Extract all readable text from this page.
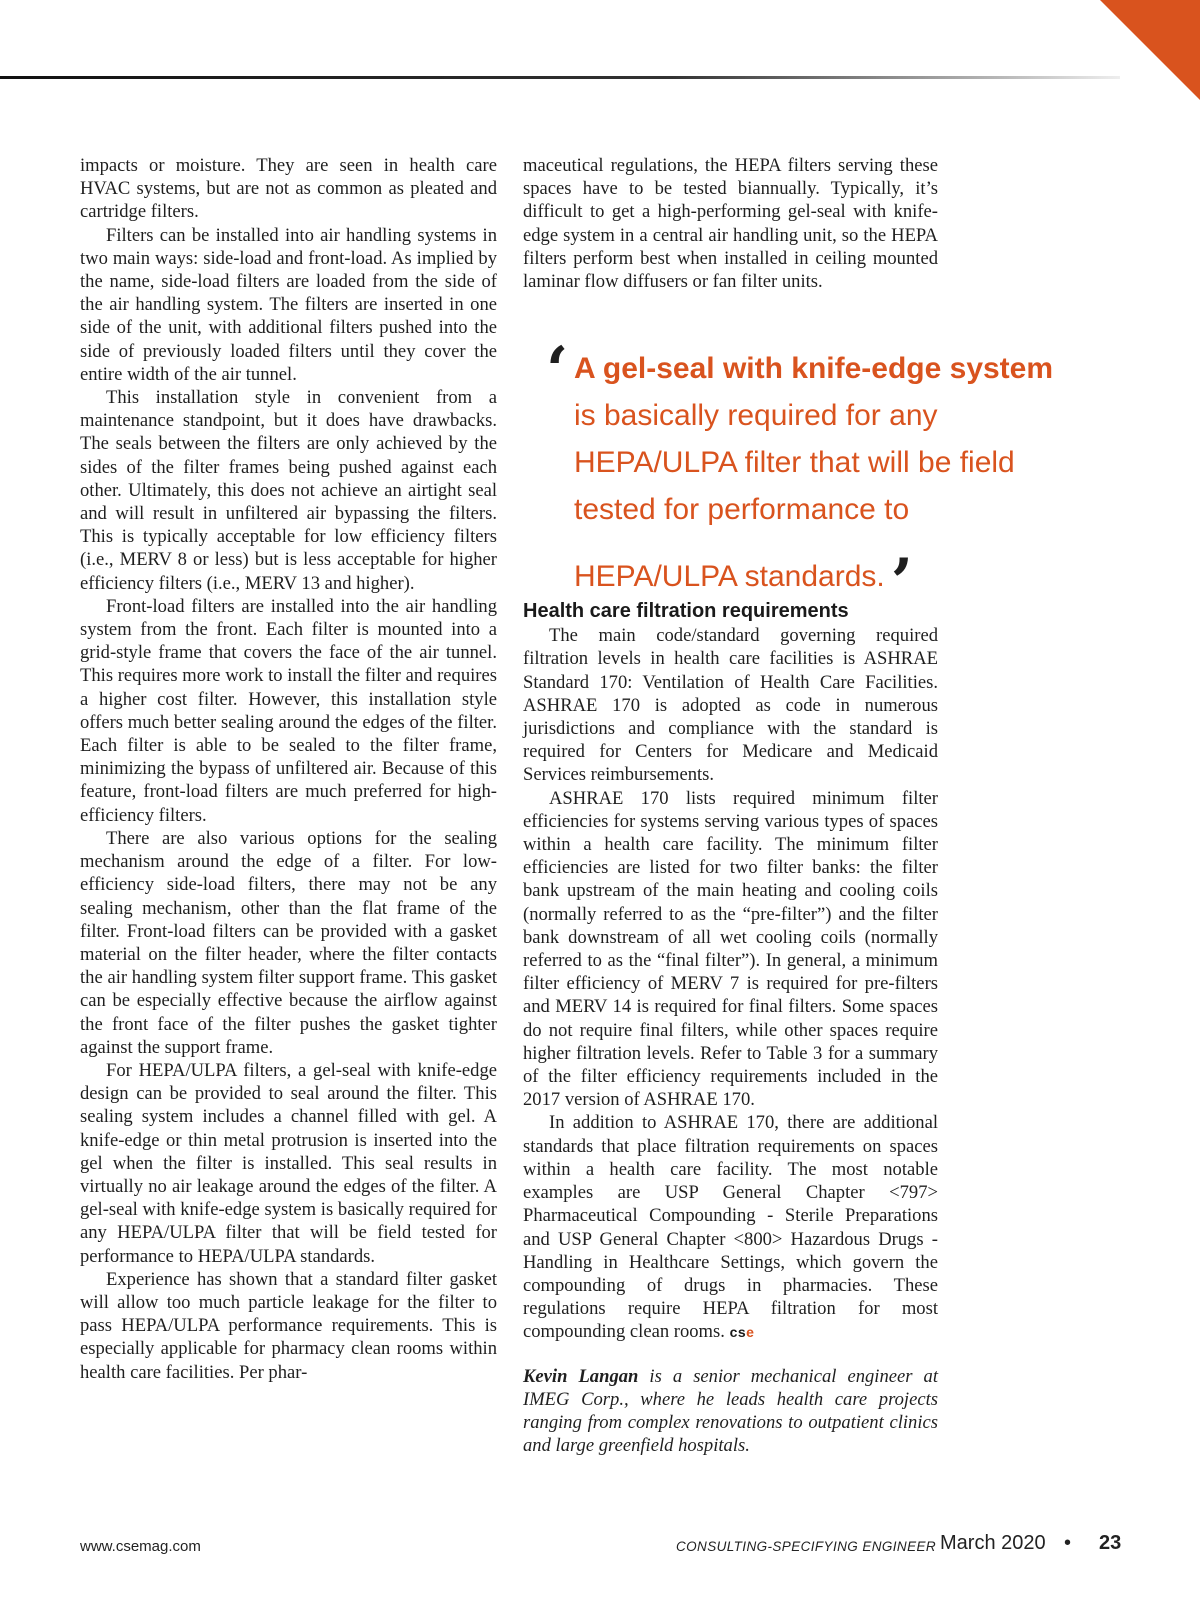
impacts or moisture. They are seen in health care HVAC systems, but are not as common as pleated and cartridge filters.

Filters can be installed into air handling systems in two main ways: side-load and front-load. As implied by the name, side-load filters are loaded from the side of the air handling system. The filters are inserted in one side of the unit, with additional filters pushed into the side of previously loaded filters until they cover the entire width of the air tunnel.

This installation style in convenient from a maintenance standpoint, but it does have drawbacks. The seals between the filters are only achieved by the sides of the filter frames being pushed against each other. Ultimately, this does not achieve an airtight seal and will result in unfiltered air bypassing the filters. This is typically acceptable for low efficiency filters (i.e., MERV 8 or less) but is less acceptable for higher efficiency filters (i.e., MERV 13 and higher).

Front-load filters are installed into the air handling system from the front. Each filter is mounted into a grid-style frame that covers the face of the air tunnel. This requires more work to install the filter and requires a higher cost filter. However, this installation style offers much better sealing around the edges of the filter. Each filter is able to be sealed to the filter frame, minimizing the bypass of unfiltered air. Because of this feature, front-load filters are much preferred for high-efficiency filters.

There are also various options for the sealing mechanism around the edge of a filter. For low-efficiency side-load filters, there may not be any sealing mechanism, other than the flat frame of the filter. Front-load filters can be provided with a gasket material on the filter header, where the filter contacts the air handling system filter support frame. This gasket can be especially effective because the airflow against the front face of the filter pushes the gasket tighter against the support frame.

For HEPA/ULPA filters, a gel-seal with knife-edge design can be provided to seal around the filter. This sealing system includes a channel filled with gel. A knife-edge or thin metal protrusion is inserted into the gel when the filter is installed. This seal results in virtually no air leakage around the edges of the filter. A gel-seal with knife-edge system is basically required for any HEPA/ULPA filter that will be field tested for performance to HEPA/ULPA standards.

Experience has shown that a standard filter gasket will allow too much particle leakage for the filter to pass HEPA/ULPA performance requirements. This is especially applicable for pharmacy clean rooms within health care facilities. Per phar-

maceutical regulations, the HEPA filters serving these spaces have to be tested biannually. Typically, it’s difficult to get a high-performing gel-seal with knife-edge system in a central air handling unit, so the HEPA filters perform best when installed in ceiling mounted laminar flow diffusers or fan filter units.

Health care filtration requirements

The main code/standard governing required filtration levels in health care facilities is ASHRAE Standard 170: Ventilation of Health Care Facilities. ASHRAE 170 is adopted as code in numerous jurisdictions and compliance with the standard is required for Centers for Medicare and Medicaid Services reimbursements.

ASHRAE 170 lists required minimum filter efficiencies for systems serving various types of spaces within a health care facility. The minimum filter efficiencies are listed for two filter banks: the filter bank upstream of the main heating and cooling coils (normally referred to as the “pre-filter”) and the filter bank downstream of all wet cooling coils (normally referred to as the “final filter”). In general, a minimum filter efficiency of MERV 7 is required for pre-filters and MERV 14 is required for final filters. Some spaces do not require final filters, while other spaces require higher filtration levels. Refer to Table 3 for a summary of the filter efficiency requirements included in the 2017 version of ASHRAE 170.

In addition to ASHRAE 170, there are additional standards that place filtration requirements on spaces within a health care facility. The most notable examples are USP General Chapter <797> Pharmaceutical Compounding - Sterile Preparations and USP General Chapter <800> Hazardous Drugs - Handling in Healthcare Settings, which govern the compounding of drugs in pharmacies. These regulations require HEPA filtration for most compounding clean rooms. cse

Kevin Langan is a senior mechanical engineer at IMEG Corp., where he leads health care projects ranging from complex renovations to outpatient clinics and large greenfield hospitals.

‘ A gel-seal with knife-edge system is basically required for any HEPA/ULPA filter that will be field tested for performance to HEPA/ULPA standards.’
www.csemag.com	CONSULTING-SPECIFYING ENGINEER March 2020 • 23
